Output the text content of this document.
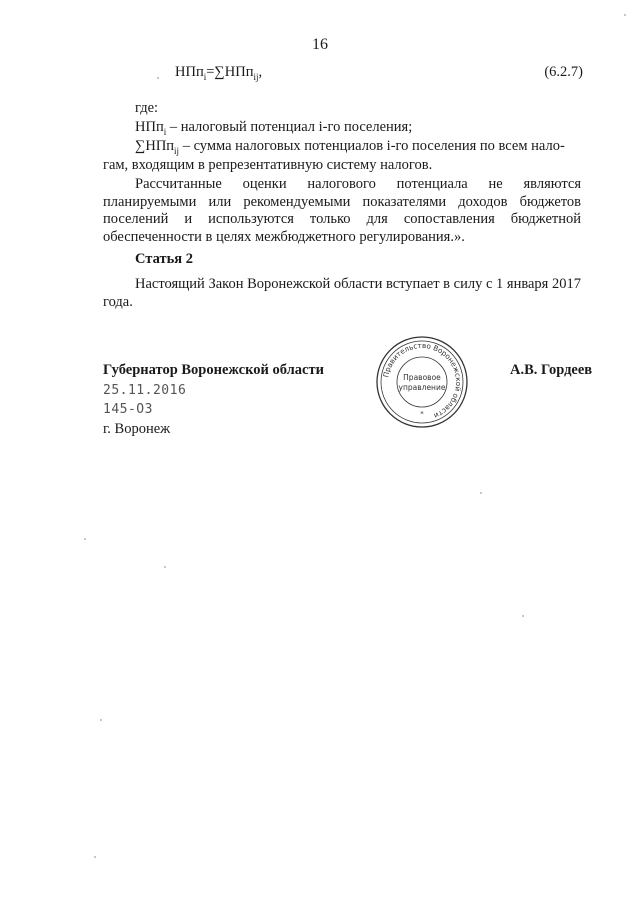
16
НПп$_i$=∑НПп$_{ij}$,	(6.2.7)
где:
НПп$_i$ – налоговый потенциал i-го поселения;
∑НПп$_{ij}$ – сумма налоговых потенциалов i-го поселения по всем нало-
гам, входящим в репрезентативную систему налогов.
Рассчитанные оценки налогового потенциала не являются планируемыми или рекомендуемыми показателями доходов бюджетов поселений и используются только для сопоставления бюджетной обеспеченности в целях межбюджетного регулирования.».
Статья 2
Настоящий Закон Воронежской области вступает в силу с 1 января 2017 года.
Губернатор Воронежской области
25.11.2016
145-ОЗ
г. Воронеж
А.В. Гордеев
Правительство Воронежской области
Правовое
управление
*
